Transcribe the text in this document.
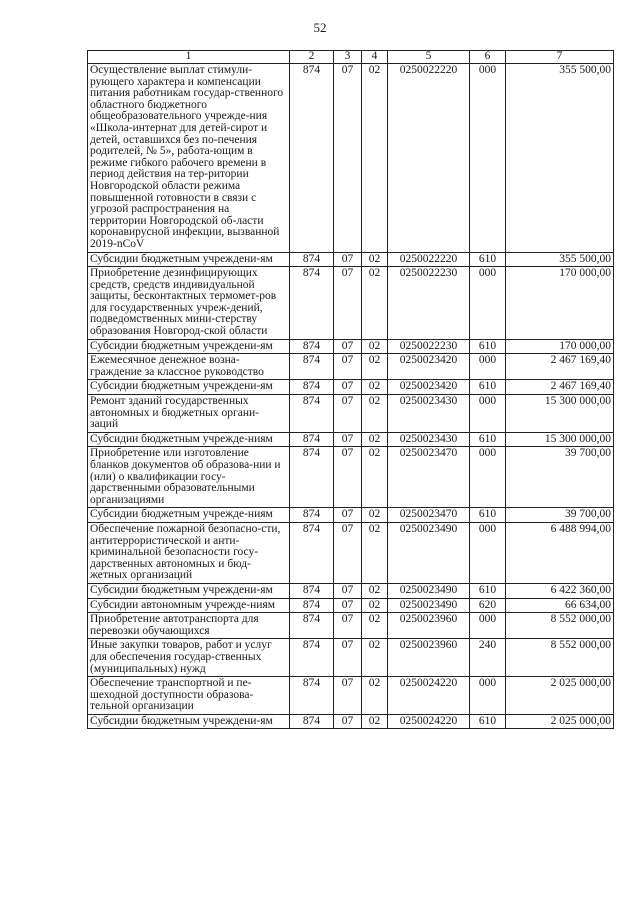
52
1	2	3	4	5	6	7
Осуществление выплат стимули-рующего характера и компенсации питания работникам государ-ственного областного бюджетного общеобразовательного учрежде-ния «Школа-интернат для детей-сирот и детей, оставшихся без по-печения родителей, № 5», работа-ющим в режиме гибкого рабочего времени в период действия на тер-ритории Новгородской области режима повышенной готовности в связи с угрозой распространения на территории Новгородской об-ласти коронавирусной инфекции, вызванной 2019-nCoV	874	07	02	0250022220	000	355 500,00
Субсидии бюджетным учреждени-ям	874	07	02	0250022220	610	355 500,00
Приобретение дезинфицирующих средств, средств индивидуальной защиты, бесконтактных термомет-ров для государственных учреж-дений, подведомственных мини-стерству образования Новгород-ской области	874	07	02	0250022230	000	170 000,00
Субсидии бюджетным учреждени-ям	874	07	02	0250022230	610	170 000,00
Ежемесячное денежное возна-граждение за классное руководство	874	07	02	0250023420	000	2 467 169,40
Субсидии бюджетным учреждени-ям	874	07	02	0250023420	610	2 467 169,40
Ремонт зданий государственных автономных и бюджетных органи-заций	874	07	02	0250023430	000	15 300 000,00
Субсидии бюджетным учрежде-ниям	874	07	02	0250023430	610	15 300 000,00
Приобретение или изготовление бланков документов об образова-нии и (или) о квалификации госу-дарственными образовательными организациями	874	07	02	0250023470	000	39 700,00
Субсидии бюджетным учрежде-ниям	874	07	02	0250023470	610	39 700,00
Обеспечение пожарной безопасно-сти, антитеррористической и анти-криминальной безопасности госу-дарственных автономных и бюд-жетных организаций	874	07	02	0250023490	000	6 488 994,00
Субсидии бюджетным учреждени-ям	874	07	02	0250023490	610	6 422 360,00
Субсидии автономным учрежде-ниям	874	07	02	0250023490	620	66 634,00
Приобретение автотранспорта для перевозки обучающихся	874	07	02	0250023960	000	8 552 000,00
Иные закупки товаров, работ и услуг для обеспечения государ-ственных (муниципальных) нужд	874	07	02	0250023960	240	8 552 000,00
Обеспечение транспортной и пе-шеходной доступности образова-тельной организации	874	07	02	0250024220	000	2 025 000,00
Субсидии бюджетным учреждени-ям	874	07	02	0250024220	610	2 025 000,00
